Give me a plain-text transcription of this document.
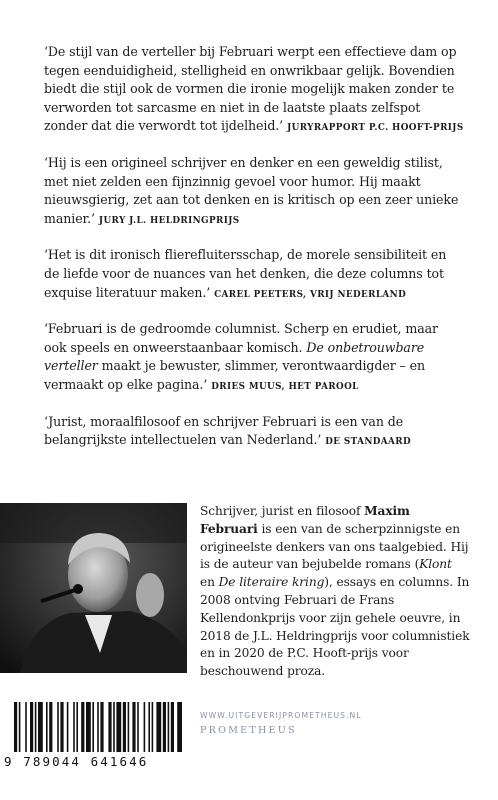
‘De stijl van de verteller bij Februari werpt een effectieve dam op tegen eenduidigheid, stelligheid en onwrikbaar gelijk. Bovendien biedt die stijl ook de vormen die ironie mogelijk maken zonder te verworden tot sarcasme en niet in de laatste plaats zelfspot zonder dat die verwordt tot ijdelheid.’ JURYRAPPORT P.C. HOOFT-PRIJS

‘Hij is een origineel schrijver en denker en een geweldig stilist, met niet zelden een fijnzinnig gevoel voor humor. Hij maakt nieuwsgierig, zet aan tot denken en is kritisch op een zeer unieke manier.’ JURY J.L. HELDRINGPRIJS

‘Het is dit ironisch flierefluitersschap, de morele sensibiliteit en de liefde voor de nuances van het denken, die deze columns tot exquise literatuur maken.’ CAREL PEETERS, VRIJ NEDERLAND

‘Februari is de gedroomde columnist. Scherp en erudiet, maar ook speels en onweerstaanbaar komisch. De onbetrouwbare verteller maakt je bewuster, slimmer, verontwaardigder – en vermaakt op elke pagina.’ DRIES MUUS, HET PAROOL

‘Jurist, moraalfilosoof en schrijver Februari is een van de belangrijkste intellectuelen van Nederland.’ DE STANDAARD

Schrijver, jurist en filosoof Maxim Februari is een van de scherpzinnigste en origineelste denkers van ons taalgebied. Hij is de auteur van bejubelde romans (Klont en De literaire kring), essays en columns. In 2008 ontving Februari de Frans Kellendonkprijs voor zijn gehele oeuvre, in 2018 de J.L. Heldringprijs voor columnistiek en in 2020 de P.C. Hooft-prijs voor beschouwend proza.

9 789044 641646
WWW.UITGEVERIJPROMETHEUS.NL
PROMETHEUS
